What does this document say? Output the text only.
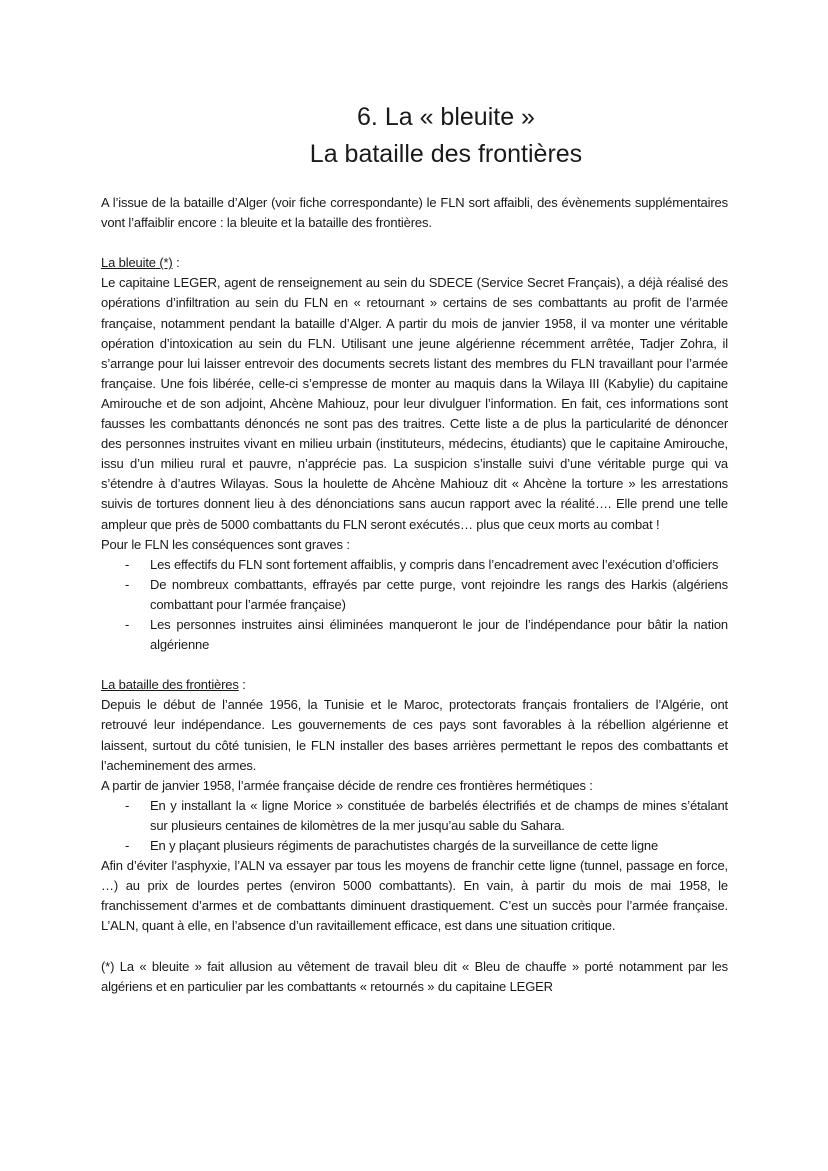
6. La « bleuite »
La bataille des frontières

A l’issue de la bataille d’Alger (voir fiche correspondante) le FLN sort affaibli, des évènements supplémentaires vont l’affaiblir encore : la bleuite et la bataille des frontières.

La bleuite (*) :

Le capitaine LEGER, agent de renseignement au sein du SDECE (Service Secret Français), a déjà réalisé des opérations d’infiltration au sein du FLN en « retournant » certains de ses combattants au profit de l’armée française, notamment pendant la bataille d’Alger. A partir du mois de janvier 1958, il va monter une véritable opération d’intoxication au sein du FLN. Utilisant une jeune algérienne récemment arrêtée, Tadjer Zohra, il s’arrange pour lui laisser entrevoir des documents secrets listant des membres du FLN travaillant pour l’armée française. Une fois libérée, celle-ci s’empresse de monter au maquis dans la Wilaya III (Kabylie) du capitaine Amirouche et de son adjoint, Ahcène Mahiouz, pour leur divulguer l’information. En fait, ces informations sont fausses les combattants dénoncés ne sont pas des traitres. Cette liste a de plus la particularité de dénoncer des personnes instruites vivant en milieu urbain (instituteurs, médecins, étudiants) que le capitaine Amirouche, issu d’un milieu rural et pauvre, n’apprécie pas. La suspicion s’installe suivi d’une véritable purge qui va s’étendre à d’autres Wilayas. Sous la houlette de Ahcène Mahiouz dit « Ahcène la torture » les arrestations suivis de tortures donnent lieu à des dénonciations sans aucun rapport avec la réalité…. Elle prend une telle ampleur que près de 5000 combattants du FLN seront exécutés… plus que ceux morts au combat !

Pour le FLN les conséquences sont graves :

- Les effectifs du FLN sont fortement affaiblis, y compris dans l’encadrement avec l’exécution d’officiers
- De nombreux combattants, effrayés par cette purge, vont rejoindre les rangs des Harkis (algériens combattant pour l’armée française)
- Les personnes instruites ainsi éliminées manqueront le jour de l’indépendance pour bâtir la nation algérienne

La bataille des frontières :

Depuis le début de l’année 1956, la Tunisie et le Maroc, protectorats français frontaliers de l’Algérie, ont retrouvé leur indépendance. Les gouvernements de ces pays sont favorables à la rébellion algérienne et laissent, surtout du côté tunisien, le FLN installer des bases arrières permettant le repos des combattants et l’acheminement des armes.

A partir de janvier 1958, l’armée française décide de rendre ces frontières hermétiques :

- En y installant la « ligne Morice » constituée de barbelés électrifiés et de champs de mines s’étalant sur plusieurs centaines de kilomètres de la mer jusqu’au sable du Sahara.
- En y plaçant plusieurs régiments de parachutistes chargés de la surveillance de cette ligne

Afin d’éviter l’asphyxie, l’ALN va essayer par tous les moyens de franchir cette ligne (tunnel, passage en force, …) au prix de lourdes pertes (environ 5000 combattants). En vain, à partir du mois de mai 1958, le franchissement d’armes et de combattants diminuent drastiquement. C’est un succès pour l’armée française. L’ALN, quant à elle, en l’absence d’un ravitaillement efficace, est dans une situation critique.

(*) La « bleuite » fait allusion au vêtement de travail bleu dit « Bleu de chauffe » porté notamment par les algériens et en particulier par les combattants « retournés » du capitaine LEGER
